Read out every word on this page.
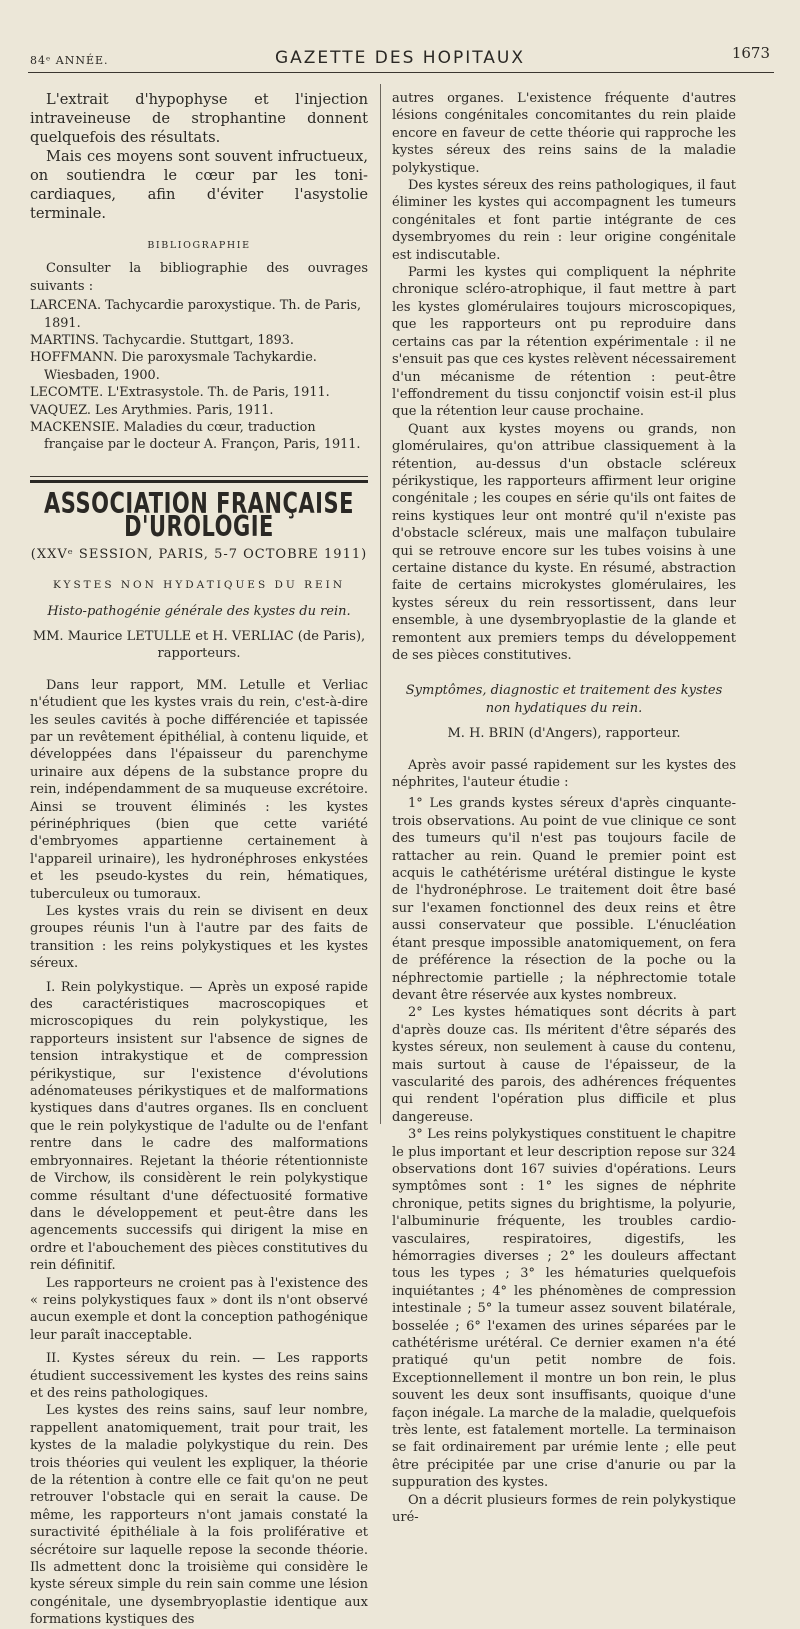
84ᵉ ANNÉE.	GAZETTE DES HOPITAUX	1673

L'extrait d'hypophyse et l'injection intraveineuse de strophantine donnent quelquefois des résultats.

Mais ces moyens sont souvent infructueux, on soutiendra le cœur par les toni-cardiaques, afin d'éviter l'asystolie terminale.

BIBLIOGRAPHIE

Consulter la bibliographie des ouvrages suivants :

LARCENA. Tachycardie paroxystique. Th. de Paris, 1891.

MARTINS. Tachycardie. Stuttgart, 1893.

HOFFMANN. Die paroxysmale Tachykardie. Wiesbaden, 1900.

LECOMTE. L'Extrasystole. Th. de Paris, 1911.

VAQUEZ. Les Arythmies. Paris, 1911.

MACKENSIE. Maladies du cœur, traduction française par le docteur A. Françon, Paris, 1911.

ASSOCIATION FRANÇAISE D'UROLOGIE
(XXVᵉ SESSION, PARIS, 5-7 OCTOBRE 1911)
KYSTES NON HYDATIQUES DU REIN
Histo-pathogénie générale des kystes du rein.
MM. Maurice LETULLE et H. VERLIAC (de Paris), rapporteurs.

Dans leur rapport, MM. Letulle et Verliac n'étudient que les kystes vrais du rein, c'est-à-dire les seules cavités à poche différenciée et tapissée par un revêtement épithélial, à contenu liquide, et développées dans l'épaisseur du parenchyme urinaire aux dépens de la substance propre du rein, indépendamment de sa muqueuse excrétoire. Ainsi se trouvent éliminés : les kystes périnéphriques (bien que cette variété d'embryomes appartienne certainement à l'appareil urinaire), les hydronéphroses enkystées et les pseudo-kystes du rein, hématiques, tuberculeux ou tumoraux.

Les kystes vrais du rein se divisent en deux groupes réunis l'un à l'autre par des faits de transition : les reins polykystiques et les kystes séreux.

I. Rein polykystique. — Après un exposé rapide des caractéristiques macroscopiques et microscopiques du rein polykystique, les rapporteurs insistent sur l'absence de signes de tension intrakystique et de compression périkystique, sur l'existence d'évolutions adénomateuses périkystiques et de malformations kystiques dans d'autres organes. Ils en concluent que le rein polykystique de l'adulte ou de l'enfant rentre dans le cadre des malformations embryonnaires. Rejetant la théorie rétentionniste de Virchow, ils considèrent le rein polykystique comme résultant d'une défectuosité formative dans le développement et peut-être dans les agencements successifs qui dirigent la mise en ordre et l'abouchement des pièces constitutives du rein définitif.

Les rapporteurs ne croient pas à l'existence des « reins polykystiques faux » dont ils n'ont observé aucun exemple et dont la conception pathogénique leur paraît inacceptable.

II. Kystes séreux du rein. — Les rapports étudient successivement les kystes des reins sains et des reins pathologiques.

Les kystes des reins sains, sauf leur nombre, rappellent anatomiquement, trait pour trait, les kystes de la maladie polykystique du rein. Des trois théories qui veulent les expliquer, la théorie de la rétention à contre elle ce fait qu'on ne peut retrouver l'obstacle qui en serait la cause. De même, les rapporteurs n'ont jamais constaté la suractivité épithéliale à la fois proliférative et sécrétoire sur laquelle repose la seconde théorie. Ils admettent donc la troisième qui considère le kyste séreux simple du rein sain comme une lésion congénitale, une dysembryoplastie identique aux formations kystiques des

autres organes. L'existence fréquente d'autres lésions congénitales concomitantes du rein plaide encore en faveur de cette théorie qui rapproche les kystes séreux des reins sains de la maladie polykystique.

Des kystes séreux des reins pathologiques, il faut éliminer les kystes qui accompagnent les tumeurs congénitales et font partie intégrante de ces dysembryomes du rein : leur origine congénitale est indiscutable.

Parmi les kystes qui compliquent la néphrite chronique scléro-atrophique, il faut mettre à part les kystes glomérulaires toujours microscopiques, que les rapporteurs ont pu reproduire dans certains cas par la rétention expérimentale : il ne s'ensuit pas que ces kystes relèvent nécessairement d'un mécanisme de rétention : peut-être l'effondrement du tissu conjonctif voisin est-il plus que la rétention leur cause prochaine.

Quant aux kystes moyens ou grands, non glomérulaires, qu'on attribue classiquement à la rétention, au-dessus d'un obstacle scléreux périkystique, les rapporteurs affirment leur origine congénitale ; les coupes en série qu'ils ont faites de reins kystiques leur ont montré qu'il n'existe pas d'obstacle scléreux, mais une malfaçon tubulaire qui se retrouve encore sur les tubes voisins à une certaine distance du kyste. En résumé, abstraction faite de certains microkystes glomérulaires, les kystes séreux du rein ressortissent, dans leur ensemble, à une dysembryoplastie de la glande et remontent aux premiers temps du développement de ses pièces constitutives.

Symptômes, diagnostic et traitement des kystes non hydatiques du rein.
M. H. BRIN (d'Angers), rapporteur.

Après avoir passé rapidement sur les kystes des néphrites, l'auteur étudie :

1° Les grands kystes séreux d'après cinquante-trois observations. Au point de vue clinique ce sont des tumeurs qu'il n'est pas toujours facile de rattacher au rein. Quand le premier point est acquis le cathétérisme urétéral distingue le kyste de l'hydronéphrose. Le traitement doit être basé sur l'examen fonctionnel des deux reins et être aussi conservateur que possible. L'énucléation étant presque impossible anatomiquement, on fera de préférence la résection de la poche ou la néphrectomie partielle ; la néphrectomie totale devant être réservée aux kystes nombreux.

2° Les kystes hématiques sont décrits à part d'après douze cas. Ils méritent d'être séparés des kystes séreux, non seulement à cause du contenu, mais surtout à cause de l'épaisseur, de la vascularité des parois, des adhérences fréquentes qui rendent l'opération plus difficile et plus dangereuse.

3° Les reins polykystiques constituent le chapitre le plus important et leur description repose sur 324 observations dont 167 suivies d'opérations. Leurs symptômes sont : 1° les signes de néphrite chronique, petits signes du brightisme, la polyurie, l'albuminurie fréquente, les troubles cardio-vasculaires, respiratoires, digestifs, les hémorragies diverses ; 2° les douleurs affectant tous les types ; 3° les hématuries quelquefois inquiétantes ; 4° les phénomènes de compression intestinale ; 5° la tumeur assez souvent bilatérale, bosselée ; 6° l'examen des urines séparées par le cathétérisme urétéral. Ce dernier examen n'a été pratiqué qu'un petit nombre de fois. Exceptionnellement il montre un bon rein, le plus souvent les deux sont insuffisants, quoique d'une façon inégale. La marche de la maladie, quelquefois très lente, est fatalement mortelle. La terminaison se fait ordinairement par urémie lente ; elle peut être précipitée par une crise d'anurie ou par la suppuration des kystes.

On a décrit plusieurs formes de rein polykystique uré-
